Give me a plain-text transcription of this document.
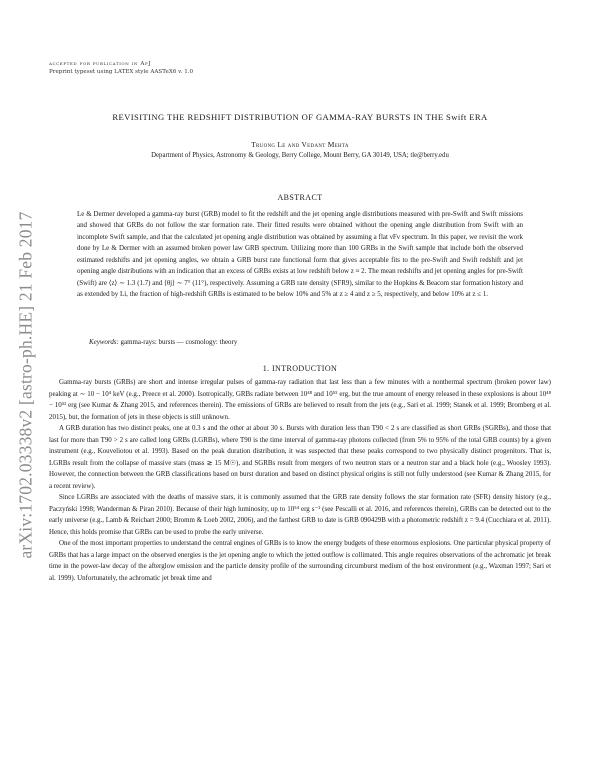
arXiv:1702.03338v2 [astro-ph.HE] 21 Feb 2017
accepted for publication in ApJ
Preprint typeset using LATEX style AASTeX6 v. 1.0
REVISITING THE REDSHIFT DISTRIBUTION OF GAMMA-RAY BURSTS IN THE Swift ERA
Truong Le and Vedant Mehta
Department of Physics, Astronomy & Geology, Berry College, Mount Berry, GA 30149, USA; tle@berry.edu
ABSTRACT

Le & Dermer developed a gamma-ray burst (GRB) model to fit the redshift and the jet opening angle distributions measured with pre-Swift and Swift missions and showed that GRBs do not follow the star formation rate. Their fitted results were obtained without the opening angle distribution from Swift with an incomplete Swift sample, and that the calculated jet opening angle distribution was obtained by assuming a flat νFν spectrum. In this paper, we revisit the work done by Le & Dermer with an assumed broken power law GRB spectrum. Utilizing more than 100 GRBs in the Swift sample that include both the observed estimated redshifts and jet opening angles, we obtain a GRB burst rate functional form that gives acceptable fits to the pre-Swift and Swift redshift and jet opening angle distributions with an indication that an excess of GRBs exists at low redshift below z ≈ 2. The mean redshifts and jet opening angles for pre-Swift (Swift) are ⟨z⟩ ∼ 1.3 (1.7) and ⟨θj⟩ ∼ 7° (11°), respectively. Assuming a GRB rate density (SFR9), similar to the Hopkins & Beacom star formation history and as extended by Li, the fraction of high-redshift GRBs is estimated to be below 10% and 5% at z ≥ 4 and z ≥ 5, respectively, and below 10% at z ≤ 1.

Keywords: gamma-rays: bursts — cosmology: theory
1. INTRODUCTION

Gamma-ray bursts (GRBs) are short and intense irregular pulses of gamma-ray radiation that last less than a few minutes with a nonthermal spectrum (broken power law) peaking at ∼ 10 − 10⁴ keV (e.g., Preece et al. 2000). Isotropically, GRBs radiate between 10⁴⁸ and 10⁵⁵ erg, but the true amount of energy released in these explosions is about 10⁴⁸ − 10⁵² erg (see Kumar & Zhang 2015, and references therein). The emissions of GRBs are believed to result from the jets (e.g., Sari et al. 1999; Stanek et al. 1999; Bromberg et al. 2015), but, the formation of jets in these objects is still unknown.

A GRB duration has two distinct peaks, one at 0.3 s and the other at about 30 s. Bursts with duration less than T90 < 2 s are classified as short GRBs (SGRBs), and those that last for more than T90 > 2 s are called long GRBs (LGRBs), where T90 is the time interval of gamma-ray photons collected (from 5% to 95% of the total GRB counts) by a given instrument (e.g., Kouveliotou et al. 1993). Based on the peak duration distribution, it was suspected that these peaks correspond to two physically distinct progenitors. That is, LGRBs result from the collapse of massive stars (mass ≳ 15 M☉), and SGRBs result from mergers of two neutron stars or a neutron star and a black hole (e.g., Woosley 1993). However, the connection between the GRB classifications based on burst duration and based on distinct physical origins is still not fully understood (see Kumar & Zhang 2015, for a recent review).

Since LGRBs are associated with the deaths of massive stars, it is commonly assumed that the GRB rate density follows the star formation rate (SFR) density history (e.g., Paczyński 1998; Wanderman & Piran 2010). Because of their high luminosity, up to 10⁵⁴ erg s⁻¹ (see Pescalli et al. 2016, and references therein), GRBs can be detected out to the early universe (e.g., Lamb & Reichart 2000; Bromm & Loeb 2002, 2006), and the farthest GRB to date is GRB 090429B with a photometric redshift z = 9.4 (Cucchiara et al. 2011). Hence, this holds promise that GRBs can be used to probe the early universe.

One of the most important properties to understand the central engines of GRBs is to know the energy budgets of these enormous explosions. One particular physical property of GRBs that has a large impact on the observed energies is the jet opening angle to which the jetted outflow is collimated. This angle requires observations of the achromatic jet break time in the power-law decay of the afterglow emission and the particle density profile of the surrounding circumburst medium of the host environment (e.g., Waxman 1997; Sari et al. 1999). Unfortunately, the achromatic jet break time and
